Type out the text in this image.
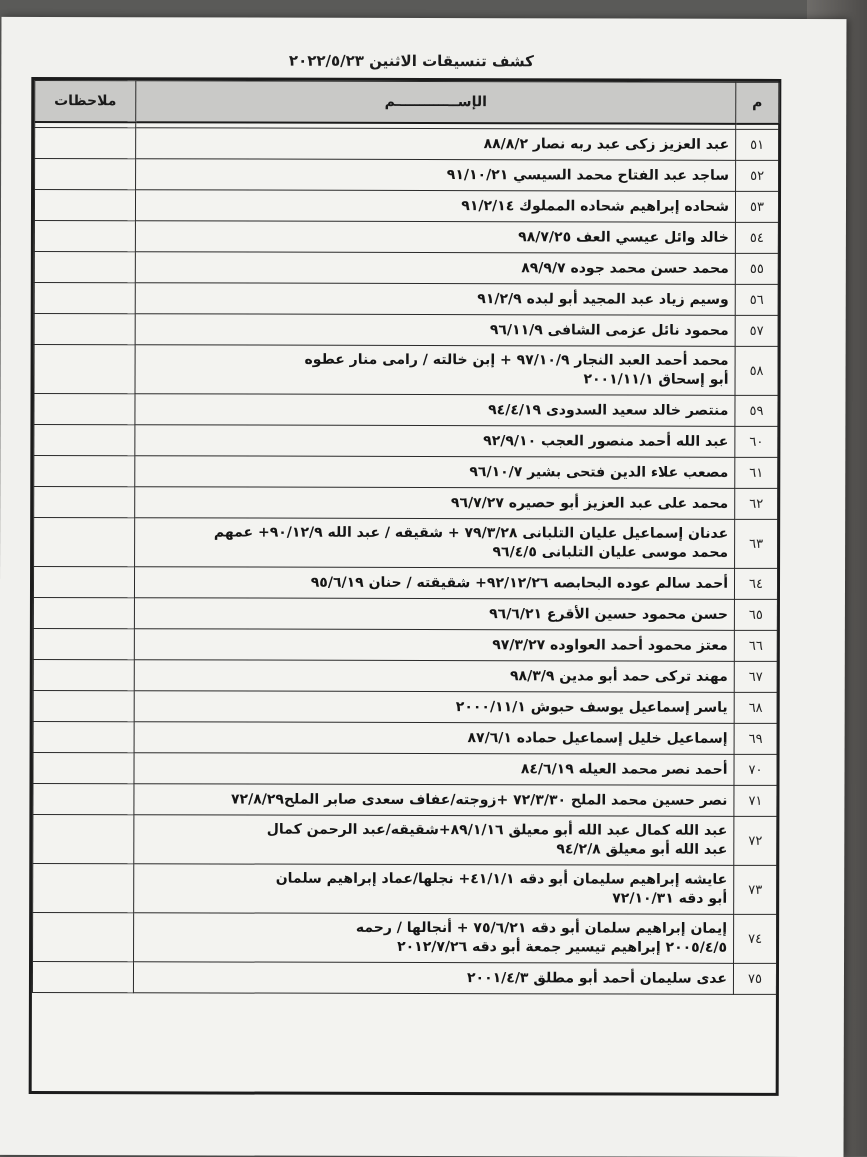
كشف تنسيقات الاثنين ٢٠٢٢/٥/٢٣
ملاحظات	الإســـــــــــــم	م

	عبد العزيز زكى عبد ربه نصار ٨٨/٨/٢	٥١
	ساجد عبد الفتاح محمد السيسي ٩١/١٠/٢١	٥٢
	شحاده إبراهيم شحاده المملوك ٩١/٢/١٤	٥٣
	خالد وائل عيسي العف ٩٨/٧/٢٥	٥٤
	محمد حسن محمد جوده ٨٩/٩/٧	٥٥
	وسيم زياد عبد المجيد أبو لبده ٩١/٢/٩	٥٦
	محمود نائل عزمى الشافى ٩٦/١١/٩	٥٧
	محمد أحمد العبد النجار ٩٧/١٠/٩ + إبن خالته / رامى منار عطوه
أبو إسحاق ٢٠٠١/١١/١	٥٨
	منتصر خالد سعيد السدودى ٩٤/٤/١٩	٥٩
	عبد الله أحمد منصور العجب ٩٢/٩/١٠	٦٠
	مصعب علاء الدين فتحى بشير ٩٦/١٠/٧	٦١
	محمد على عبد العزيز أبو حصيره ٩٦/٧/٢٧	٦٢
	عدنان إسماعيل عليان التلبانى ٧٩/٣/٢٨ + شقيقه / عبد الله ٩٠/١٢/٩+ عمهم
محمد موسى عليان التلبانى ٩٦/٤/٥	٦٣
	أحمد سالم عوده البحابصه ٩٢/١٢/٢٦+ شقيقته / حنان ٩٥/٦/١٩	٦٤
	حسن محمود حسين الأقرع ٩٦/٦/٢١	٦٥
	معتز محمود أحمد العواوده ٩٧/٣/٢٧	٦٦
	مهند تركى حمد أبو مدين ٩٨/٣/٩	٦٧
	ياسر إسماعيل يوسف حبوش ٢٠٠٠/١١/١	٦٨
	إسماعيل خليل إسماعيل حماده ٨٧/٦/١	٦٩
	أحمد نصر محمد العيله ٨٤/٦/١٩	٧٠
	نصر حسين محمد الملح ٧٢/٣/٣٠ +زوجته/عفاف سعدى صابر الملح٧٢/٨/٢٩	٧١
	عبد الله كمال عبد الله أبو معيلق ٨٩/١/١٦+شقيقه/عبد الرحمن كمال
عبد الله أبو معيلق ٩٤/٢/٨	٧٢
	عايشه إبراهيم سليمان أبو دقه ٤١/١/١+ نجلها/عماد إبراهيم سلمان
أبو دقه ٧٢/١٠/٣١	٧٣
	إيمان إبراهيم سلمان أبو دقه ٧٥/٦/٢١ + أنجالها / رحمه
٢٠٠٥/٤/٥ إبراهيم تيسير جمعة أبو دقه ٢٠١٢/٧/٢٦	٧٤
	عدى سليمان أحمد أبو مطلق ٢٠٠١/٤/٣	٧٥
